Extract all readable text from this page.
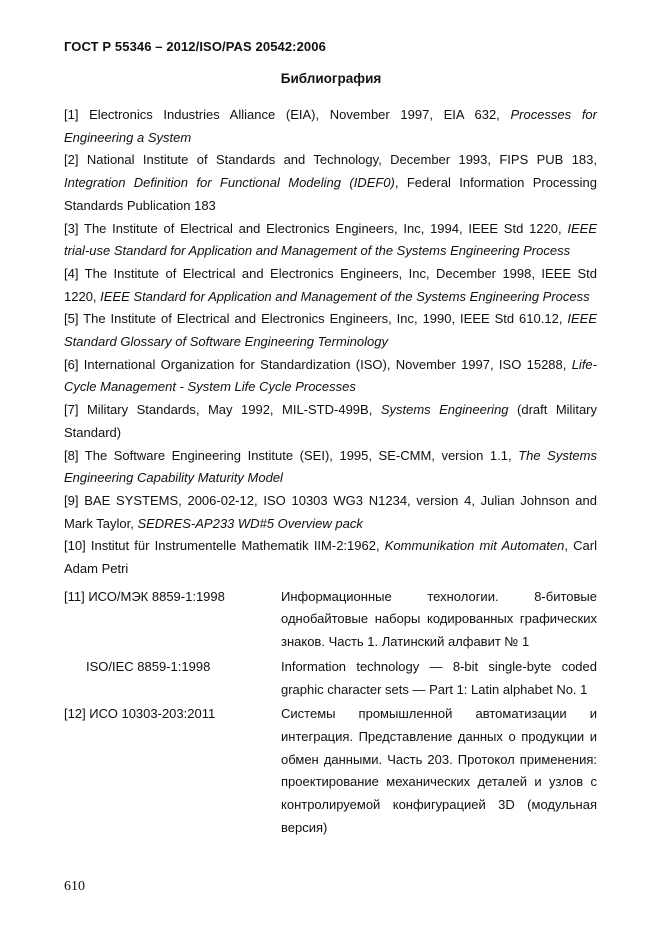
ГОСТ Р 55346 – 2012/ISO/PAS 20542:2006
Библиография
[1] Electronics Industries Alliance (EIA), November 1997, EIA 632, Processes for Engineering a System
[2] National Institute of Standards and Technology, December 1993, FIPS PUB 183, Integration Definition for Functional Modeling (IDEF0), Federal Information Processing Standards Publication 183
[3] The Institute of Electrical and Electronics Engineers, Inc, 1994, IEEE Std 1220, IEEE trial-use Standard for Application and Management of the Systems Engineering Process
[4] The Institute of Electrical and Electronics Engineers, Inc, December 1998, IEEE Std 1220, IEEE Standard for Application and Management of the Systems Engineering Process
[5] The Institute of Electrical and Electronics Engineers, Inc, 1990, IEEE Std 610.12, IEEE Standard Glossary of Software Engineering Terminology
[6] International Organization for Standardization (ISO), November 1997, ISO 15288, Life-Cycle Management - System Life Cycle Processes
[7] Military Standards, May 1992, MIL-STD-499B, Systems Engineering (draft Military Standard)
[8] The Software Engineering Institute (SEI), 1995, SE-CMM, version 1.1, The Systems Engineering Capability Maturity Model
[9] BAE SYSTEMS, 2006-02-12, ISO 10303 WG3 N1234, version 4, Julian Johnson and Mark Taylor, SEDRES-AP233 WD#5 Overview pack
[10] Institut für Instrumentelle Mathematik IIM-2:1962, Kommunikation mit Automaten, Carl Adam Petri
[11] ИСО/МЭК 8859-1:1998	Информационные технологии. 8-битовые однобайтовые наборы кодированных графических знаков. Часть 1. Латинский алфавит № 1
ISO/IEC 8859-1:1998	Information technology — 8-bit single-byte coded graphic character sets — Part 1: Latin alphabet No. 1
[12] ИСО 10303-203:2011	Системы промышленной автоматизации и интеграция. Представление данных о продукции и обмен данными. Часть 203. Протокол применения: проектирование механических деталей и узлов с контролируемой конфигурацией 3D (модульная версия)
610
